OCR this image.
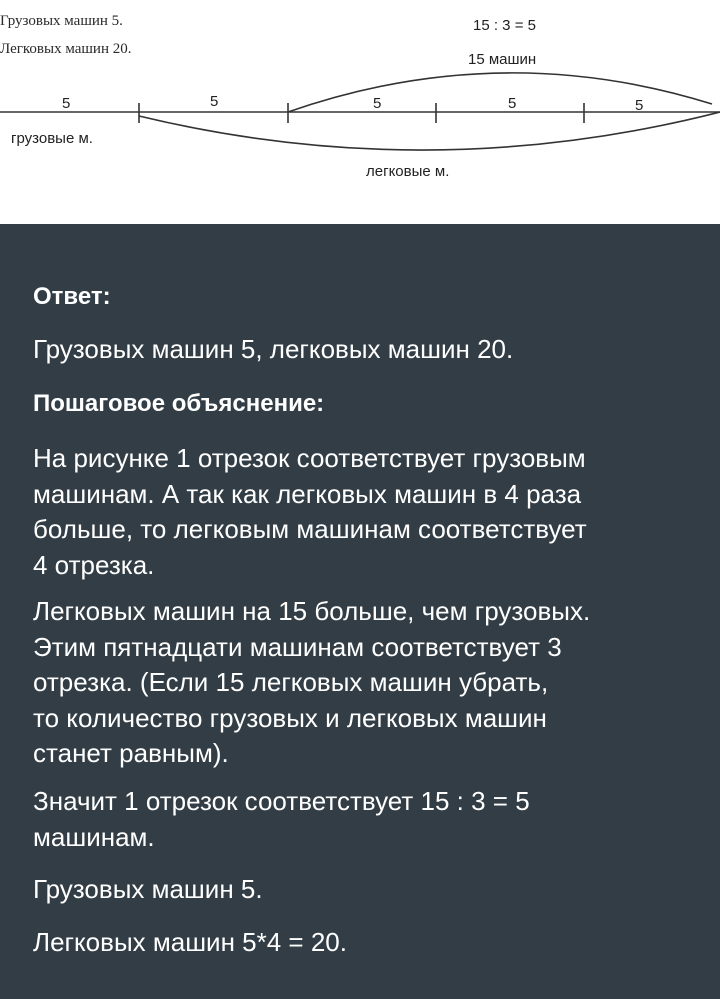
Грузовых машин 5.
Легковых машин 20.
15 : 3 = 5
15 машин
5	5	5	5	5
грузовые м.
легковые м.
Ответ:
Грузовых машин 5, легковых машин 20.
Пошаговое объяснение:
На рисунке 1 отрезок соответствует грузовым
машинам. А так как легковых машин в 4 раза
больше, то легковым машинам соответствует
4 отрезка.
Легковых машин на 15 больше, чем грузовых.
Этим пятнадцати машинам соответствует 3
отрезка. (Если 15 легковых машин убрать,
то количество грузовых и легковых машин
станет равным).
Значит 1 отрезок соответствует 15 : 3 = 5
машинам.
Грузовых машин 5.
Легковых машин 5*4 = 20.
